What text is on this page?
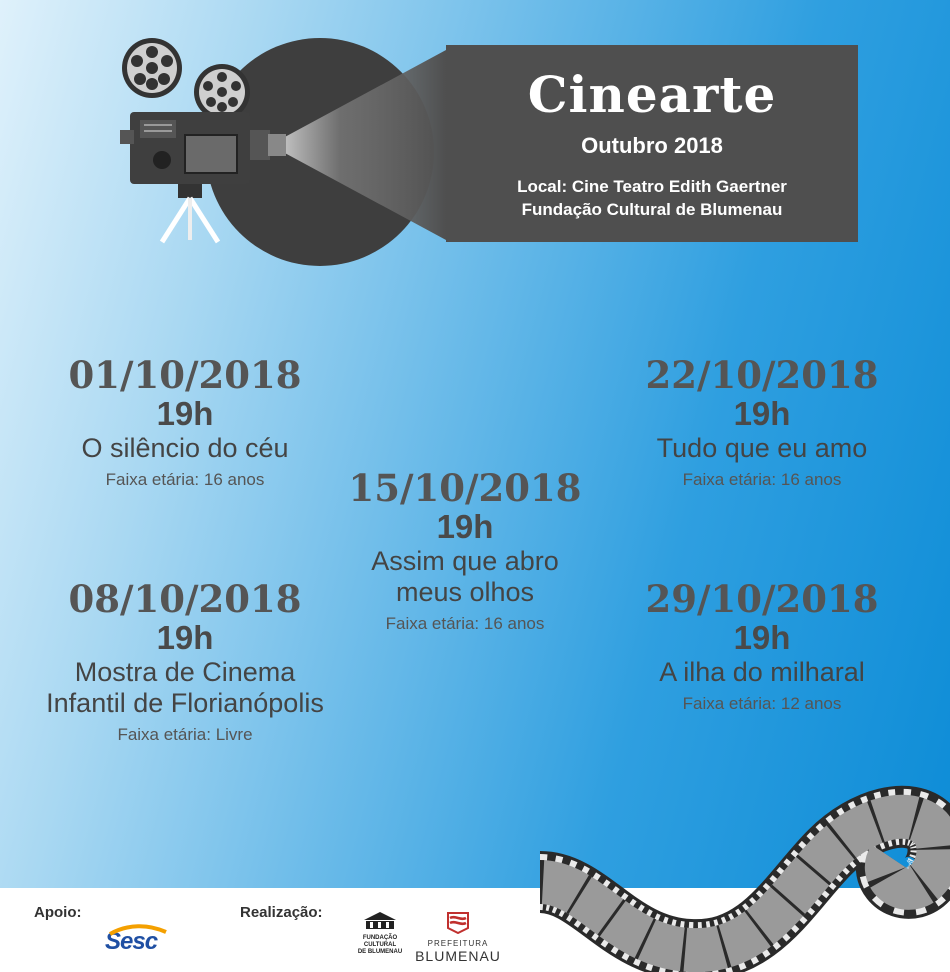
Cinearte
Outubro 2018
Local: Cine Teatro Edith Gaertner
Fundação Cultural de Blumenau
01/10/2018
19h
O silêncio do céu
Faixa etária: 16 anos
08/10/2018
19h
Mostra de Cinema
Infantil de Florianópolis
Faixa etária: Livre
15/10/2018
19h
Assim que abro
meus olhos
Faixa etária: 16 anos
22/10/2018
19h
Tudo que eu amo
Faixa etária: 16 anos
29/10/2018
19h
A ilha do milharal
Faixa etária: 12 anos
Apoio:
Sesc
Realização:
FUNDAÇÃO
CULTURAL
DE BLUMENAU
PREFEITURA
BLUMENAU
